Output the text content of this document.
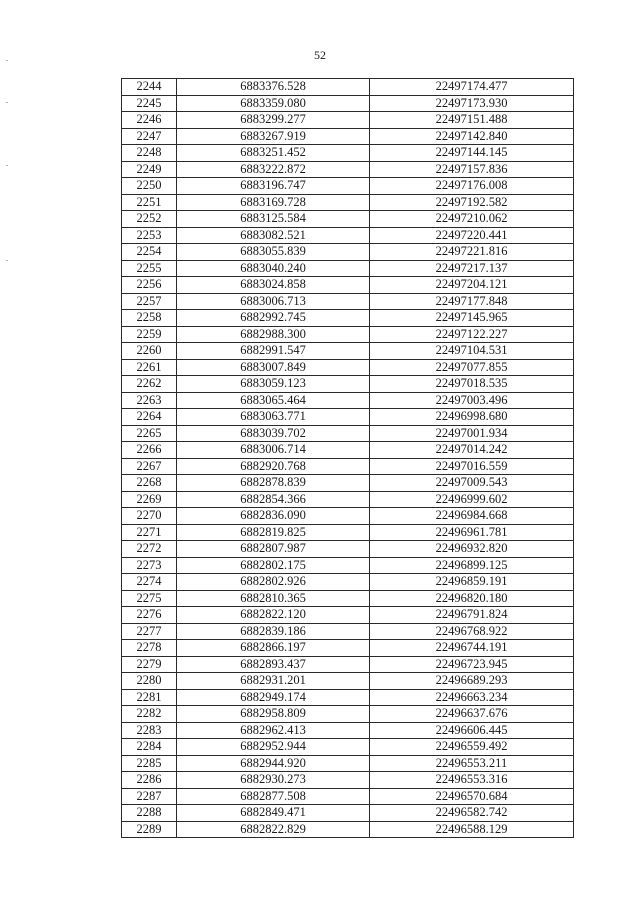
52
2244	6883376.528	22497174.477
2245	6883359.080	22497173.930
2246	6883299.277	22497151.488
2247	6883267.919	22497142.840
2248	6883251.452	22497144.145
2249	6883222.872	22497157.836
2250	6883196.747	22497176.008
2251	6883169.728	22497192.582
2252	6883125.584	22497210.062
2253	6883082.521	22497220.441
2254	6883055.839	22497221.816
2255	6883040.240	22497217.137
2256	6883024.858	22497204.121
2257	6883006.713	22497177.848
2258	6882992.745	22497145.965
2259	6882988.300	22497122.227
2260	6882991.547	22497104.531
2261	6883007.849	22497077.855
2262	6883059.123	22497018.535
2263	6883065.464	22497003.496
2264	6883063.771	22496998.680
2265	6883039.702	22497001.934
2266	6883006.714	22497014.242
2267	6882920.768	22497016.559
2268	6882878.839	22497009.543
2269	6882854.366	22496999.602
2270	6882836.090	22496984.668
2271	6882819.825	22496961.781
2272	6882807.987	22496932.820
2273	6882802.175	22496899.125
2274	6882802.926	22496859.191
2275	6882810.365	22496820.180
2276	6882822.120	22496791.824
2277	6882839.186	22496768.922
2278	6882866.197	22496744.191
2279	6882893.437	22496723.945
2280	6882931.201	22496689.293
2281	6882949.174	22496663.234
2282	6882958.809	22496637.676
2283	6882962.413	22496606.445
2284	6882952.944	22496559.492
2285	6882944.920	22496553.211
2286	6882930.273	22496553.316
2287	6882877.508	22496570.684
2288	6882849.471	22496582.742
2289	6882822.829	22496588.129
